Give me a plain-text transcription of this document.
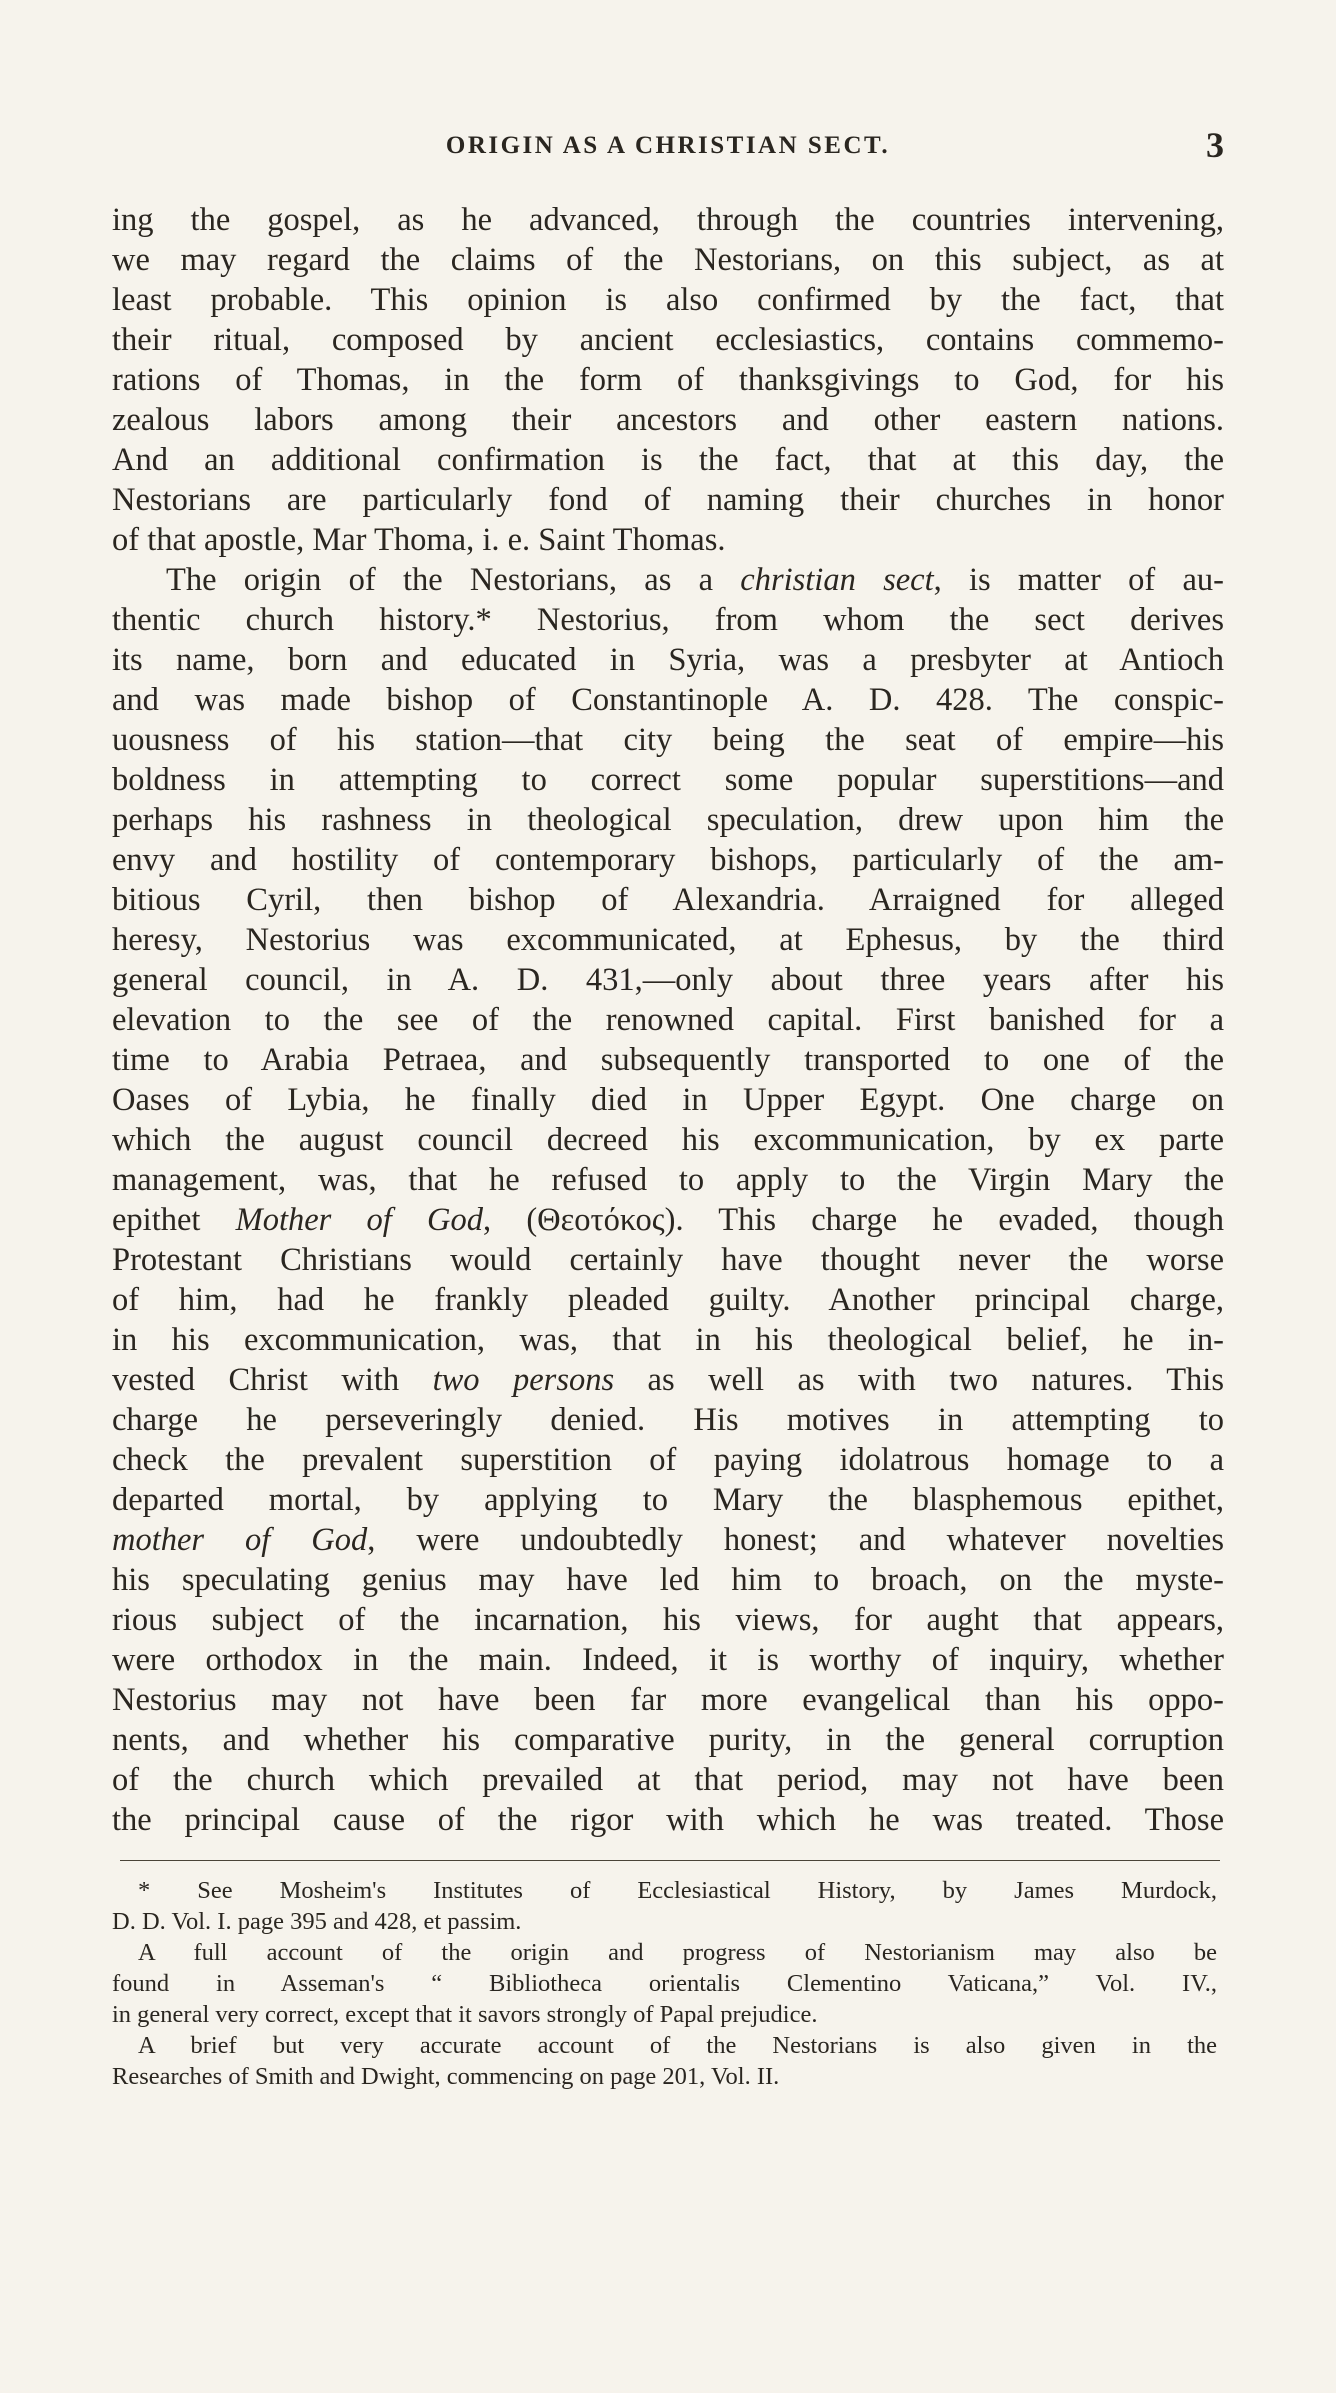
ORIGIN AS A CHRISTIAN SECT.	3
ing the gospel, as he advanced, through the countries intervening,
we may regard the claims of the Nestorians, on this subject, as at
least probable. This opinion is also confirmed by the fact, that
their ritual, composed by ancient ecclesiastics, contains commemo-
rations of Thomas, in the form of thanksgivings to God, for his
zealous labors among their ancestors and other eastern nations.
And an additional confirmation is the fact, that at this day, the
Nestorians are particularly fond of naming their churches in honor
of that apostle, Mar Thoma, i. e. Saint Thomas.
The origin of the Nestorians, as a christian sect, is matter of au-
thentic church history.* Nestorius, from whom the sect derives
its name, born and educated in Syria, was a presbyter at Antioch
and was made bishop of Constantinople A. D. 428. The conspic-
uousness of his station—that city being the seat of empire—his
boldness in attempting to correct some popular superstitions—and
perhaps his rashness in theological speculation, drew upon him the
envy and hostility of contemporary bishops, particularly of the am-
bitious Cyril, then bishop of Alexandria. Arraigned for alleged
heresy, Nestorius was excommunicated, at Ephesus, by the third
general council, in A. D. 431,—only about three years after his
elevation to the see of the renowned capital. First banished for a
time to Arabia Petraea, and subsequently transported to one of the
Oases of Lybia, he finally died in Upper Egypt. One charge on
which the august council decreed his excommunication, by ex parte
management, was, that he refused to apply to the Virgin Mary the
epithet Mother of God, (Θεοτόκος). This charge he evaded, though
Protestant Christians would certainly have thought never the worse
of him, had he frankly pleaded guilty. Another principal charge,
in his excommunication, was, that in his theological belief, he in-
vested Christ with two persons as well as with two natures. This
charge he perseveringly denied. His motives in attempting to
check the prevalent superstition of paying idolatrous homage to a
departed mortal, by applying to Mary the blasphemous epithet,
mother of God, were undoubtedly honest; and whatever novelties
his speculating genius may have led him to broach, on the myste-
rious subject of the incarnation, his views, for aught that appears,
were orthodox in the main. Indeed, it is worthy of inquiry, whether
Nestorius may not have been far more evangelical than his oppo-
nents, and whether his comparative purity, in the general corruption
of the church which prevailed at that period, may not have been
the principal cause of the rigor with which he was treated. Those
* See Mosheim's Institutes of Ecclesiastical History, by James Murdock,
D. D. Vol. I. page 395 and 428, et passim.
A full account of the origin and progress of Nestorianism may also be
found in Asseman's “ Bibliotheca orientalis Clementino Vaticana,” Vol. IV.,
in general very correct, except that it savors strongly of Papal prejudice.
A brief but very accurate account of the Nestorians is also given in the
Researches of Smith and Dwight, commencing on page 201, Vol. II.
